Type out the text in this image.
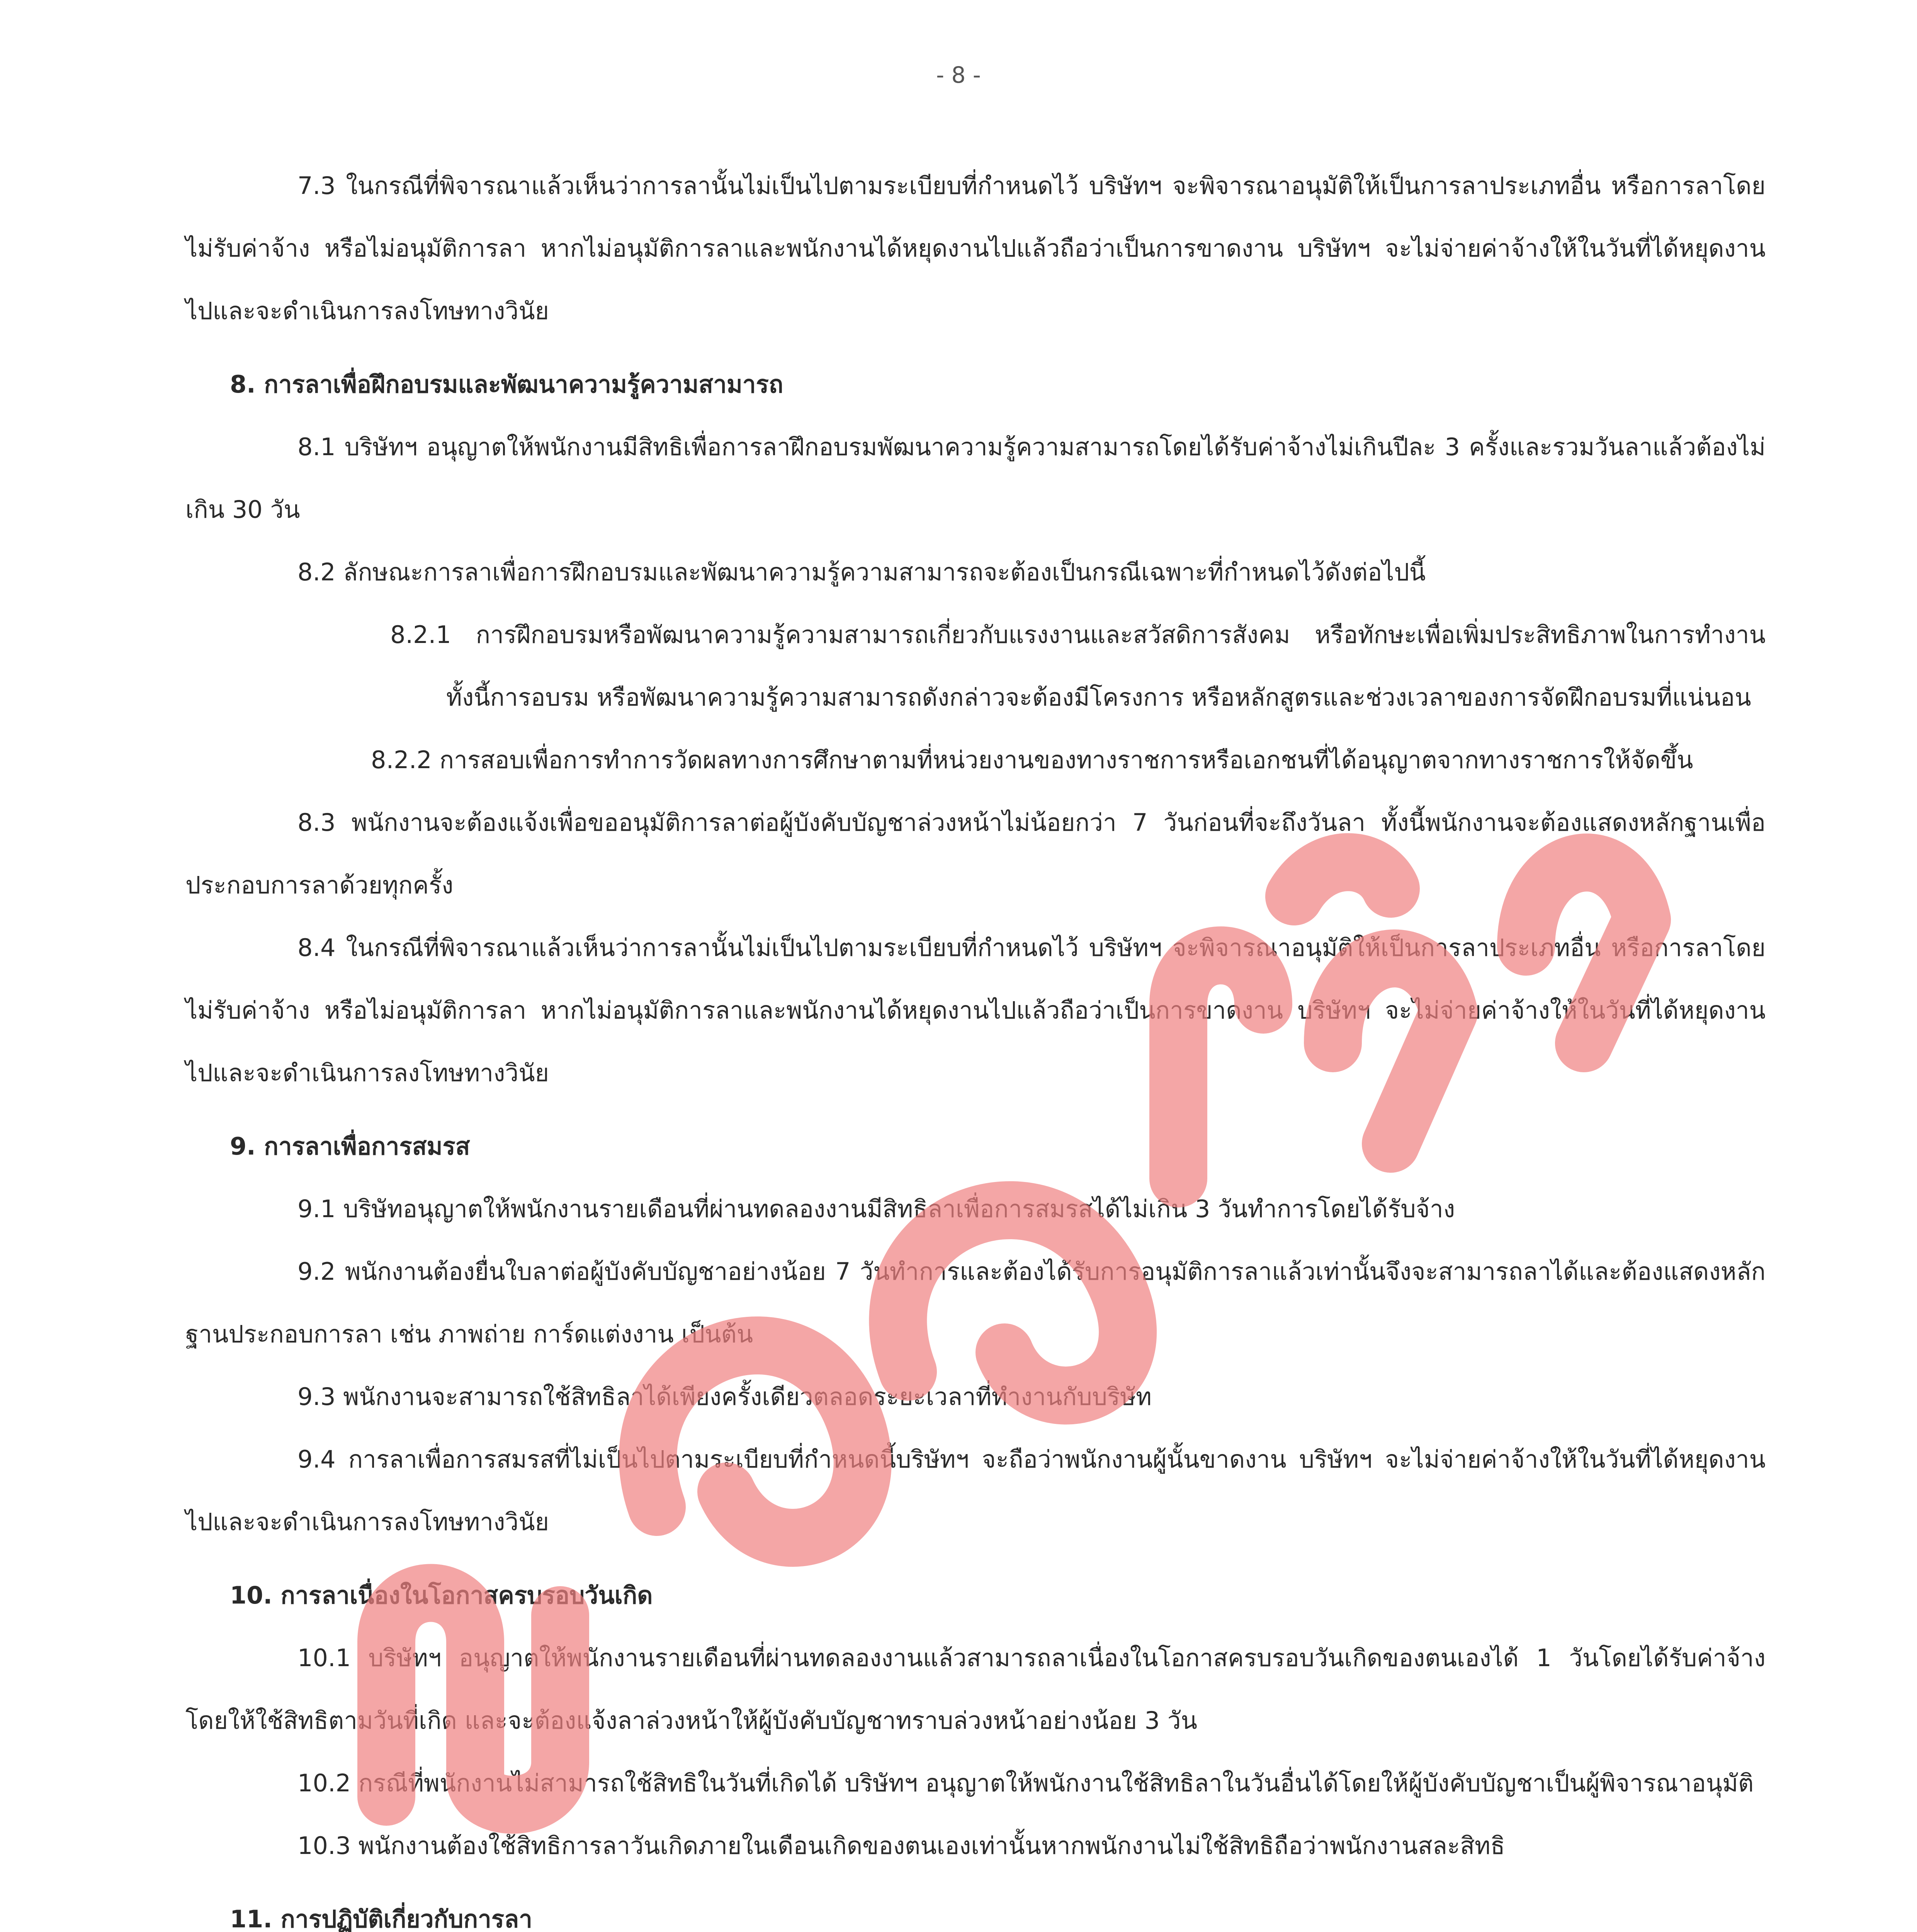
- 8 -

7.3 ในกรณีที่พิจารณาแล้วเห็นว่าการลานั้นไม่เป็นไปตามระเบียบที่กำหนดไว้ บริษัทฯ จะพิจารณาอนุมัติให้เป็นการลาประเภทอื่น หรือการลาโดยไม่รับค่าจ้าง หรือไม่อนุมัติการลา หากไม่อนุมัติการลาและพนักงานได้หยุดงานไปแล้วถือว่าเป็นการขาดงาน บริษัทฯ จะไม่จ่ายค่าจ้างให้ในวันที่ได้หยุดงานไปและจะดำเนินการลงโทษทางวินัย

8. การลาเพื่อฝึกอบรมและพัฒนาความรู้ความสามารถ

8.1 บริษัทฯ อนุญาตให้พนักงานมีสิทธิเพื่อการลาฝึกอบรมพัฒนาความรู้ความสามารถโดยได้รับค่าจ้างไม่เกินปีละ 3 ครั้งและรวมวันลาแล้วต้องไม่เกิน 30 วัน

8.2 ลักษณะการลาเพื่อการฝึกอบรมและพัฒนาความรู้ความสามารถจะต้องเป็นกรณีเฉพาะที่กำหนดไว้ดังต่อไปนี้

8.2.1 การฝึกอบรมหรือพัฒนาความรู้ความสามารถเกี่ยวกับแรงงานและสวัสดิการสังคม หรือทักษะเพื่อเพิ่มประสิทธิภาพในการทำงาน ทั้งนี้การอบรม หรือพัฒนาความรู้ความสามารถดังกล่าวจะต้องมีโครงการ หรือหลักสูตรและช่วงเวลาของการจัดฝึกอบรมที่แน่นอน

8.2.2 การสอบเพื่อการทำการวัดผลทางการศึกษาตามที่หน่วยงานของทางราชการหรือเอกชนที่ได้อนุญาตจากทางราชการให้จัดขึ้น

8.3 พนักงานจะต้องแจ้งเพื่อขออนุมัติการลาต่อผู้บังคับบัญชาล่วงหน้าไม่น้อยกว่า 7 วันก่อนที่จะถึงวันลา ทั้งนี้พนักงานจะต้องแสดงหลักฐานเพื่อประกอบการลาด้วยทุกครั้ง

8.4 ในกรณีที่พิจารณาแล้วเห็นว่าการลานั้นไม่เป็นไปตามระเบียบที่กำหนดไว้ บริษัทฯ จะพิจารณาอนุมัติให้เป็นการลาประเภทอื่น หรือการลาโดยไม่รับค่าจ้าง หรือไม่อนุมัติการลา หากไม่อนุมัติการลาและพนักงานได้หยุดงานไปแล้วถือว่าเป็นการขาดงาน บริษัทฯ จะไม่จ่ายค่าจ้างให้ในวันที่ได้หยุดงานไปและจะดำเนินการลงโทษทางวินัย

9. การลาเพื่อการสมรส

9.1 บริษัทอนุญาตให้พนักงานรายเดือนที่ผ่านทดลองงานมีสิทธิลาเพื่อการสมรสได้ไม่เกิน 3 วันทำการโดยได้รับจ้าง

9.2 พนักงานต้องยื่นใบลาต่อผู้บังคับบัญชาอย่างน้อย 7 วันทำการและต้องได้รับการอนุมัติการลาแล้วเท่านั้นจึงจะสามารถลาได้และต้องแสดงหลักฐานประกอบการลา เช่น ภาพถ่าย การ์ดแต่งงาน เป็นต้น

9.3 พนักงานจะสามารถใช้สิทธิลาได้เพียงครั้งเดียวตลอดระยะเวลาที่ทำงานกับบริษัท

9.4 การลาเพื่อการสมรสที่ไม่เป็นไปตามระเบียบที่กำหนดนี้บริษัทฯ จะถือว่าพนักงานผู้นั้นขาดงาน บริษัทฯ จะไม่จ่ายค่าจ้างให้ในวันที่ได้หยุดงานไปและจะดำเนินการลงโทษทางวินัย

10. การลาเนื่องในโอกาสครบรอบวันเกิด

10.1 บริษัทฯ อนุญาตให้พนักงานรายเดือนที่ผ่านทดลองงานแล้วสามารถลาเนื่องในโอกาสครบรอบวันเกิดของตนเองได้ 1 วันโดยได้รับค่าจ้าง โดยให้ใช้สิทธิตามวันที่เกิด และจะต้องแจ้งลาล่วงหน้าให้ผู้บังคับบัญชาทราบล่วงหน้าอย่างน้อย 3 วัน

10.2 กรณีที่พนักงานไม่สามารถใช้สิทธิในวันที่เกิดได้ บริษัทฯ อนุญาตให้พนักงานใช้สิทธิลาในวันอื่นได้โดยให้ผู้บังคับบัญชาเป็นผู้พิจารณาอนุมัติ

10.3 พนักงานต้องใช้สิทธิการลาวันเกิดภายในเดือนเกิดของตนเองเท่านั้นหากพนักงานไม่ใช้สิทธิถือว่าพนักงานสละสิทธิ

11. การปฏิบัติเกี่ยวกับการลา
